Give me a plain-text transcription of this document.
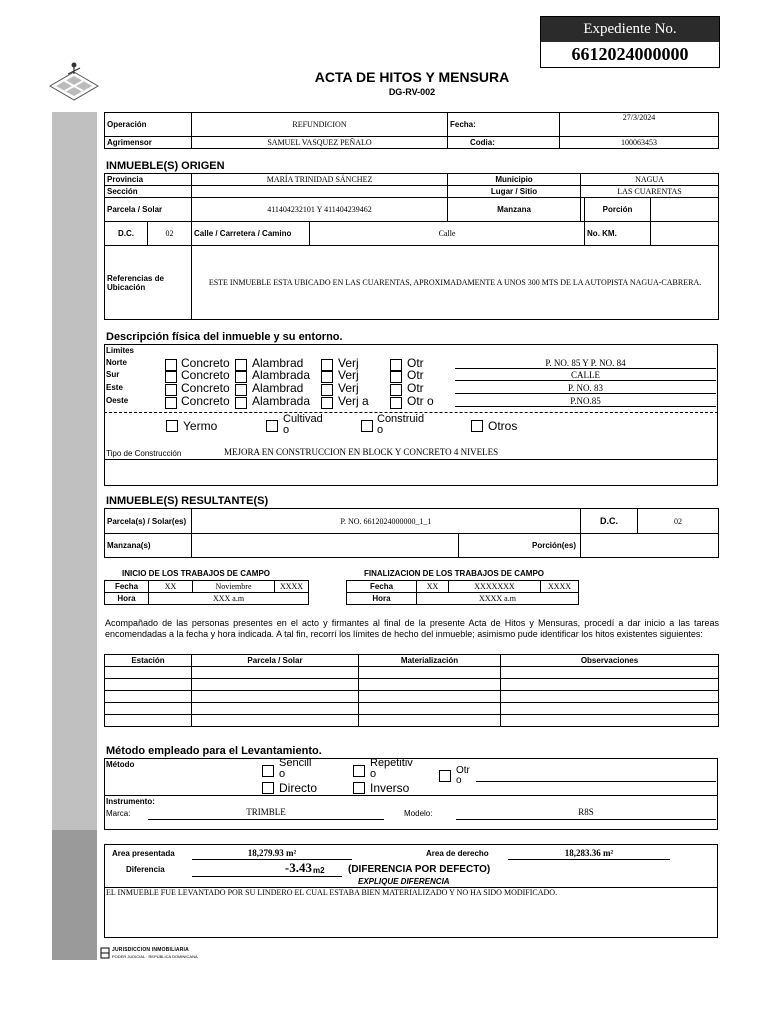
Expediente No.
6612024000000
ACTA DE HITOS Y MENSURA
DG-RV-002
Operación	REFUNDICION	Fecha:		27/3/2024
Agrimensor	SAMUEL VASQUEZ PEÑALO	Codia:		100063453
INMUEBLE(S) ORIGEN
Provincia		MARÍA TRINIDAD SÁNCHEZ		Municipio	NAGUA		
Sección				Lugar / Sitio	LAS CUARENTAS		
Parcela / Solar		411404232101 Y 411404239462		Manzana		Porción	
D.C.	02	Calle / Carretera / Camino	Calle			No. KM.	
Referencias de Ubicación		ESTE INMUEBLE ESTA UBICADO EN LAS CUARENTAS, APROXIMADAMENTE A UNOS 300 MTS DE LA AUTOPISTA NAGUA-CABRERA.					
Descripción física del inmueble y su entorno.
Limites
Norte	Concreto Alambrad	Verj	Otr	P. NO. 85 Y P. NO. 84
Sur	Concreto Alambrada Verj	Otr	CALLE
Este	Concreto Alambrad	Verj	Otr	P. NO. 83
Oeste	Concreto Alambrada Verj a	Otr o	P.NO.85
Yermo	Cultivad o
Construid o	Otros
Tipo de Construcción	MEJORA EN CONSTRUCCION EN BLOCK Y CONCRETO 4 NIVELES
INMUEBLE(S) RESULTANTE(S)
Parcela(s) / Solar(es)	P. NO. 6612024000000_1_1		D.C.	02
Manzana(s)		Porción(es)		
INICIO DE LOS TRABAJOS DE CAMPO
Fecha	XX	Noviembre	XXXX
Hora	XXX a.m		
FINALIZACION DE LOS TRABAJOS DE CAMPO
Fecha	XX	XXXXXXX	XXXX
Hora	XXXX a.m		
Acompañado de las personas presentes en el acto y firmantes al final de la presente Acta de Hitos y Mensuras, procedí a dar inicio a las tareas encomendadas a la fecha y hora indicada. A tal fin, recorrí los límites de hecho del inmueble; asimismo pude identificar los hitos existentes siguientes:
Estación	Parcela / Solar	Materialización	Observaciones

Método empleado para el Levantamiento.
Método	Sencill o
Repetitiv o	Otr o
Directo	Inverso
Instrumento:
Marca:	TRIMBLE	Modelo:	R8S
Area presentada	18,279.93 m²	Area de derecho	18,283.36 m²
Diferencia	-3.43 m2 (DIFERENCIA POR DEFECTO)
EXPLIQUE DIFERENCIA
EL INMUEBLE FUE LEVANTADO POR SU LINDERO EL CUAL ESTABA BIEN MATERIALIZADO Y NO HA SIDO MODIFICADO.
JURISDICCION INMOBILIARIA
PODER JUDICIAL · REPÚBLICA DOMINICANA
